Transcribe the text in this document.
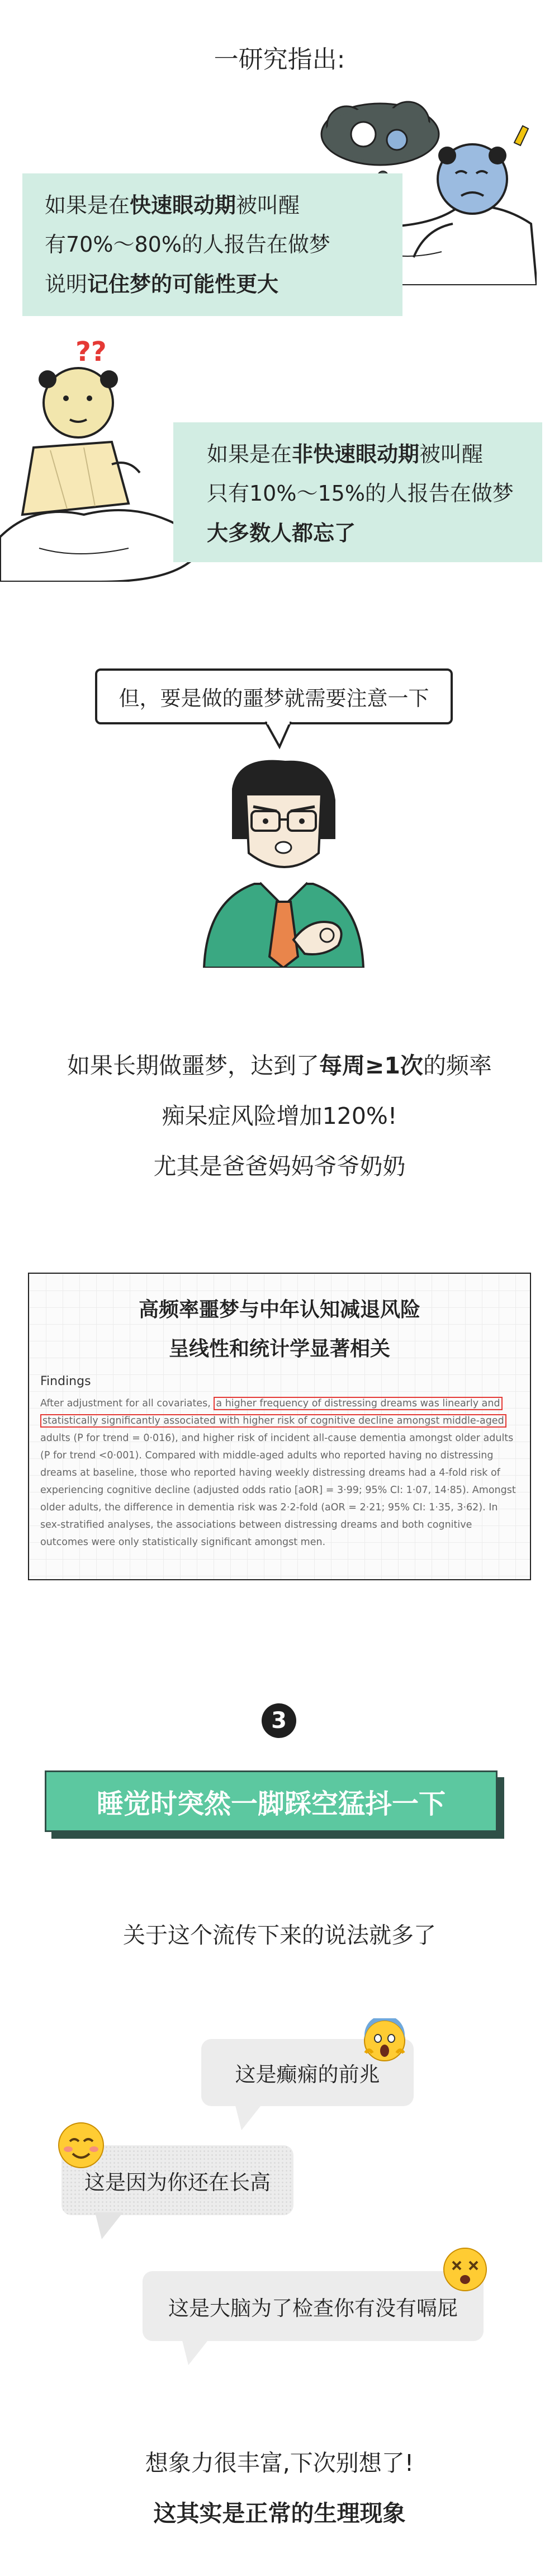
一研究指出:
如果是在快速眼动期被叫醒
有70%～80%的人报告在做梦
说明记住梦的可能性更大
??
如果是在非快速眼动期被叫醒
只有10%～15%的人报告在做梦
大多数人都忘了
但，要是做的噩梦就需要注意一下
如果长期做噩梦，达到了每周≥1次的频率
痴呆症风险增加120%!
尤其是爸爸妈妈爷爷奶奶
高频率噩梦与中年认知减退风险
呈线性和统计学显著相关
Findings
After adjustment for all covariates, a higher frequency of distressing dreams was linearly and
statistically significantly associated with higher risk of cognitive decline amongst middle-aged adults (P for trend = 0·016), and higher risk of incident all-cause dementia amongst older adults (P for trend <0·001). Compared with middle-aged adults who reported having no distressing dreams at baseline, those who reported having weekly distressing dreams had a 4-fold risk of experiencing cognitive decline (adjusted odds ratio [aOR] = 3·99; 95% CI: 1·07, 14·85). Amongst older adults, the difference in dementia risk was 2·2-fold (aOR = 2·21; 95% CI: 1·35, 3·62). In sex-stratified analyses, the associations between distressing dreams and both cognitive outcomes were only statistically significant amongst men.
3
睡觉时突然一脚踩空猛抖一下
关于这个流传下来的说法就多了
这是癫痫的前兆
这是因为你还在长高
这是大脑为了检查你有没有嗝屁
想象力很丰富,下次别想了!
这其实是正常的生理现象
